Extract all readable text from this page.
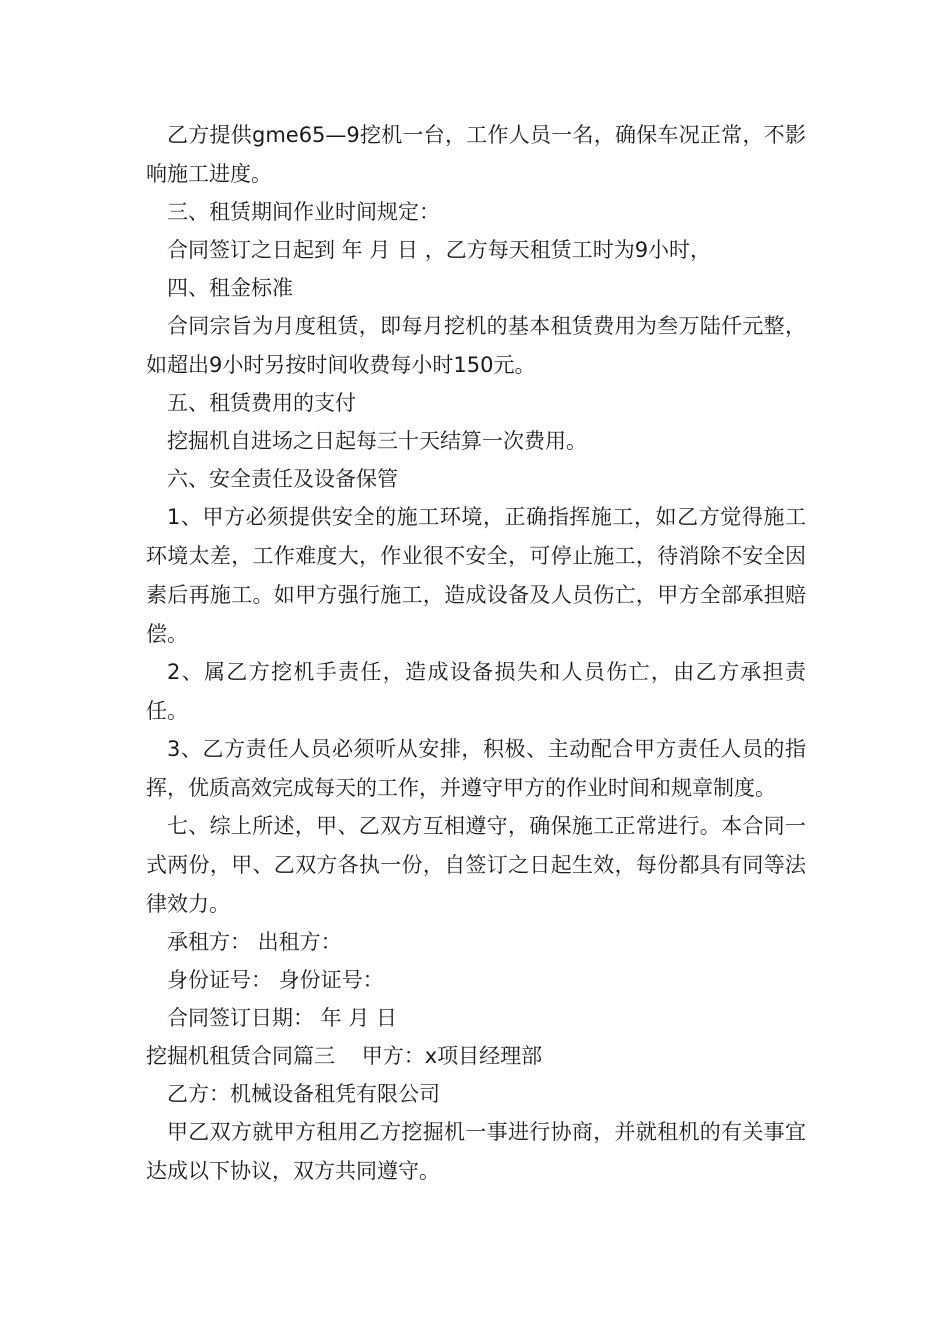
乙方提供gme65—9挖机一台，工作人员一名，确保车况正常，不影响施工进度。

三、租赁期间作业时间规定：

合同签订之日起到 年 月 日 ，乙方每天租赁工时为9小时，

四、租金标准

合同宗旨为月度租赁，即每月挖机的基本租赁费用为叁万陆仟元整，如超出9小时另按时间收费每小时150元。

五、租赁费用的支付

挖掘机自进场之日起每三十天结算一次费用。

六、安全责任及设备保管

1、甲方必须提供安全的施工环境，正确指挥施工，如乙方觉得施工环境太差，工作难度大，作业很不安全，可停止施工，待消除不安全因素后再施工。如甲方强行施工，造成设备及人员伤亡，甲方全部承担赔偿。

2、属乙方挖机手责任，造成设备损失和人员伤亡，由乙方承担责任。

3、乙方责任人员必须听从安排，积极、主动配合甲方责任人员的指挥，优质高效完成每天的工作，并遵守甲方的作业时间和规章制度。

七、综上所述，甲、乙双方互相遵守，确保施工正常进行。本合同一式两份，甲、乙双方各执一份，自签订之日起生效，每份都具有同等法律效力。

承租方： 出租方：

身份证号： 身份证号：

合同签订日期： 年 月 日

挖掘机租赁合同篇三    甲方：x项目经理部

乙方：机械设备租凭有限公司

甲乙双方就甲方租用乙方挖掘机一事进行协商，并就租机的有关事宜达成以下协议，双方共同遵守。
